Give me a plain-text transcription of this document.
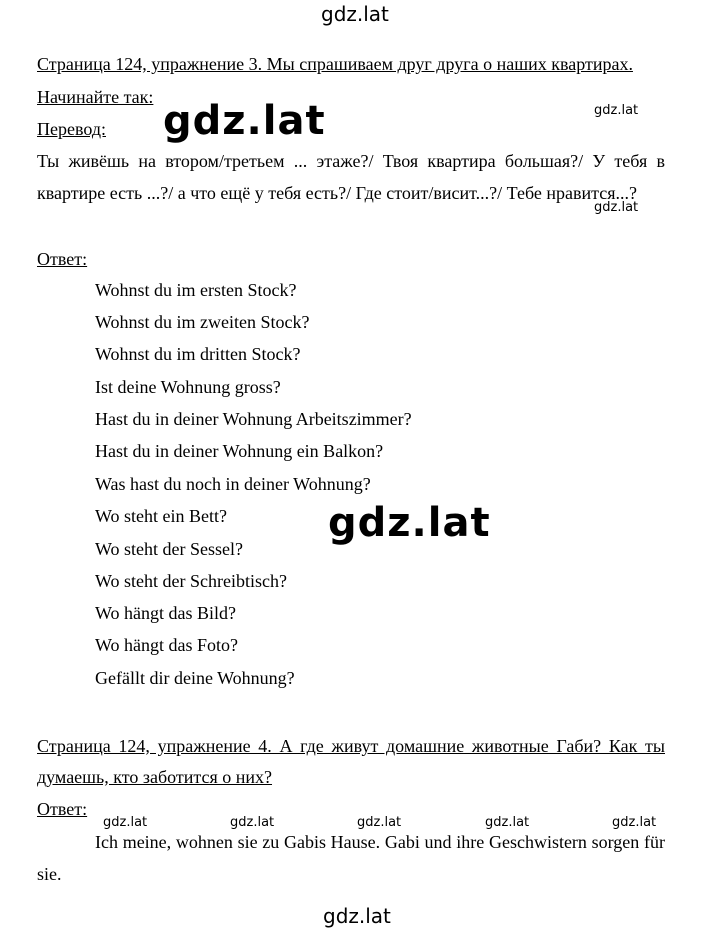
gdz.lat
gdz.lat
Страница 124, упражнение 3. Мы спрашиваем друг друга о наших квартирах.
Начинайте так:
Перевод:
Ты живёшь на втором/третьем ... этаже?/ Твоя квартира большая?/ У тебя в квартире есть ...?/ а что ещё у тебя есть?/ Где стоит/висит...?/ Тебе нравится...?
Ответ:
Wohnst du im ersten Stock?
Wohnst du im zweiten Stock?
Wohnst du im dritten Stock?
Ist deine Wohnung gross?
Hast du in deiner Wohnung Arbeitszimmer?
Hast du in deiner Wohnung ein Balkon?
Was hast du noch in deiner Wohnung?
Wo steht ein Bett?
Wo steht der Sessel?
Wo steht der Schreibtisch?
Wo hängt das Bild?
Wo hängt das Foto?
Gefällt dir deine Wohnung?
gdz.lat
gdz.lat
gdz.lat
gdz.lat
Страница 124, упражнение 4. А где живут домашние животные Габи? Как ты думаешь, кто заботится о них?
Ответ:
gdz.lat	gdz.lat	gdz.lat	gdz.lat	gdz.lat
Ich meine, wohnen sie zu Gabis Hause. Gabi und ihre Geschwistern sorgen für sie.
